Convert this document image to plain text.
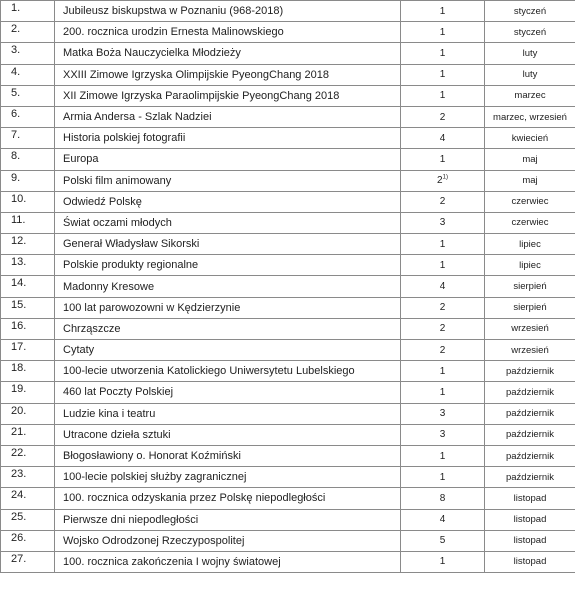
1.	Jubileusz biskupstwa w Poznaniu (968-2018)	1	styczeń
2.	200. rocznica urodzin Ernesta Malinowskiego	1	styczeń
3.	Matka Boża Nauczycielka Młodzieży	1	luty
4.	XXIII Zimowe Igrzyska Olimpijskie PyeongChang 2018	1	luty
5.	XII Zimowe Igrzyska Paraolimpijskie PyeongChang 2018	1	marzec
6.	Armia Andersa - Szlak Nadziei	2	marzec, wrzesień
7.	Historia polskiej fotografii	4	kwiecień
8.	Europa	1	maj
9.	Polski film animowany	2$^{1)}$	maj
10.	Odwiedź Polskę	2	czerwiec
11.	Świat oczami młodych	3	czerwiec
12.	Generał Władysław Sikorski	1	lipiec
13.	Polskie produkty regionalne	1	lipiec
14.	Madonny Kresowe	4	sierpień
15.	100 lat parowozowni w Kędzierzynie	2	sierpień
16.	Chrząszcze	2	wrzesień
17.	Cytaty	2	wrzesień
18.	100-lecie utworzenia Katolickiego Uniwersytetu Lubelskiego	1	październik
19.	460 lat Poczty Polskiej	1	październik
20.	Ludzie kina i teatru	3	październik
21.	Utracone dzieła sztuki	3	październik
22.	Błogosławiony o. Honorat Koźmiński	1	październik
23.	100-lecie polskiej służby zagranicznej	1	październik
24.	100. rocznica odzyskania przez Polskę niepodległości	8	listopad
25.	Pierwsze dni niepodległości	4	listopad
26.	Wojsko Odrodzonej Rzeczypospolitej	5	listopad
27.	100. rocznica zakończenia I wojny światowej	1	listopad
